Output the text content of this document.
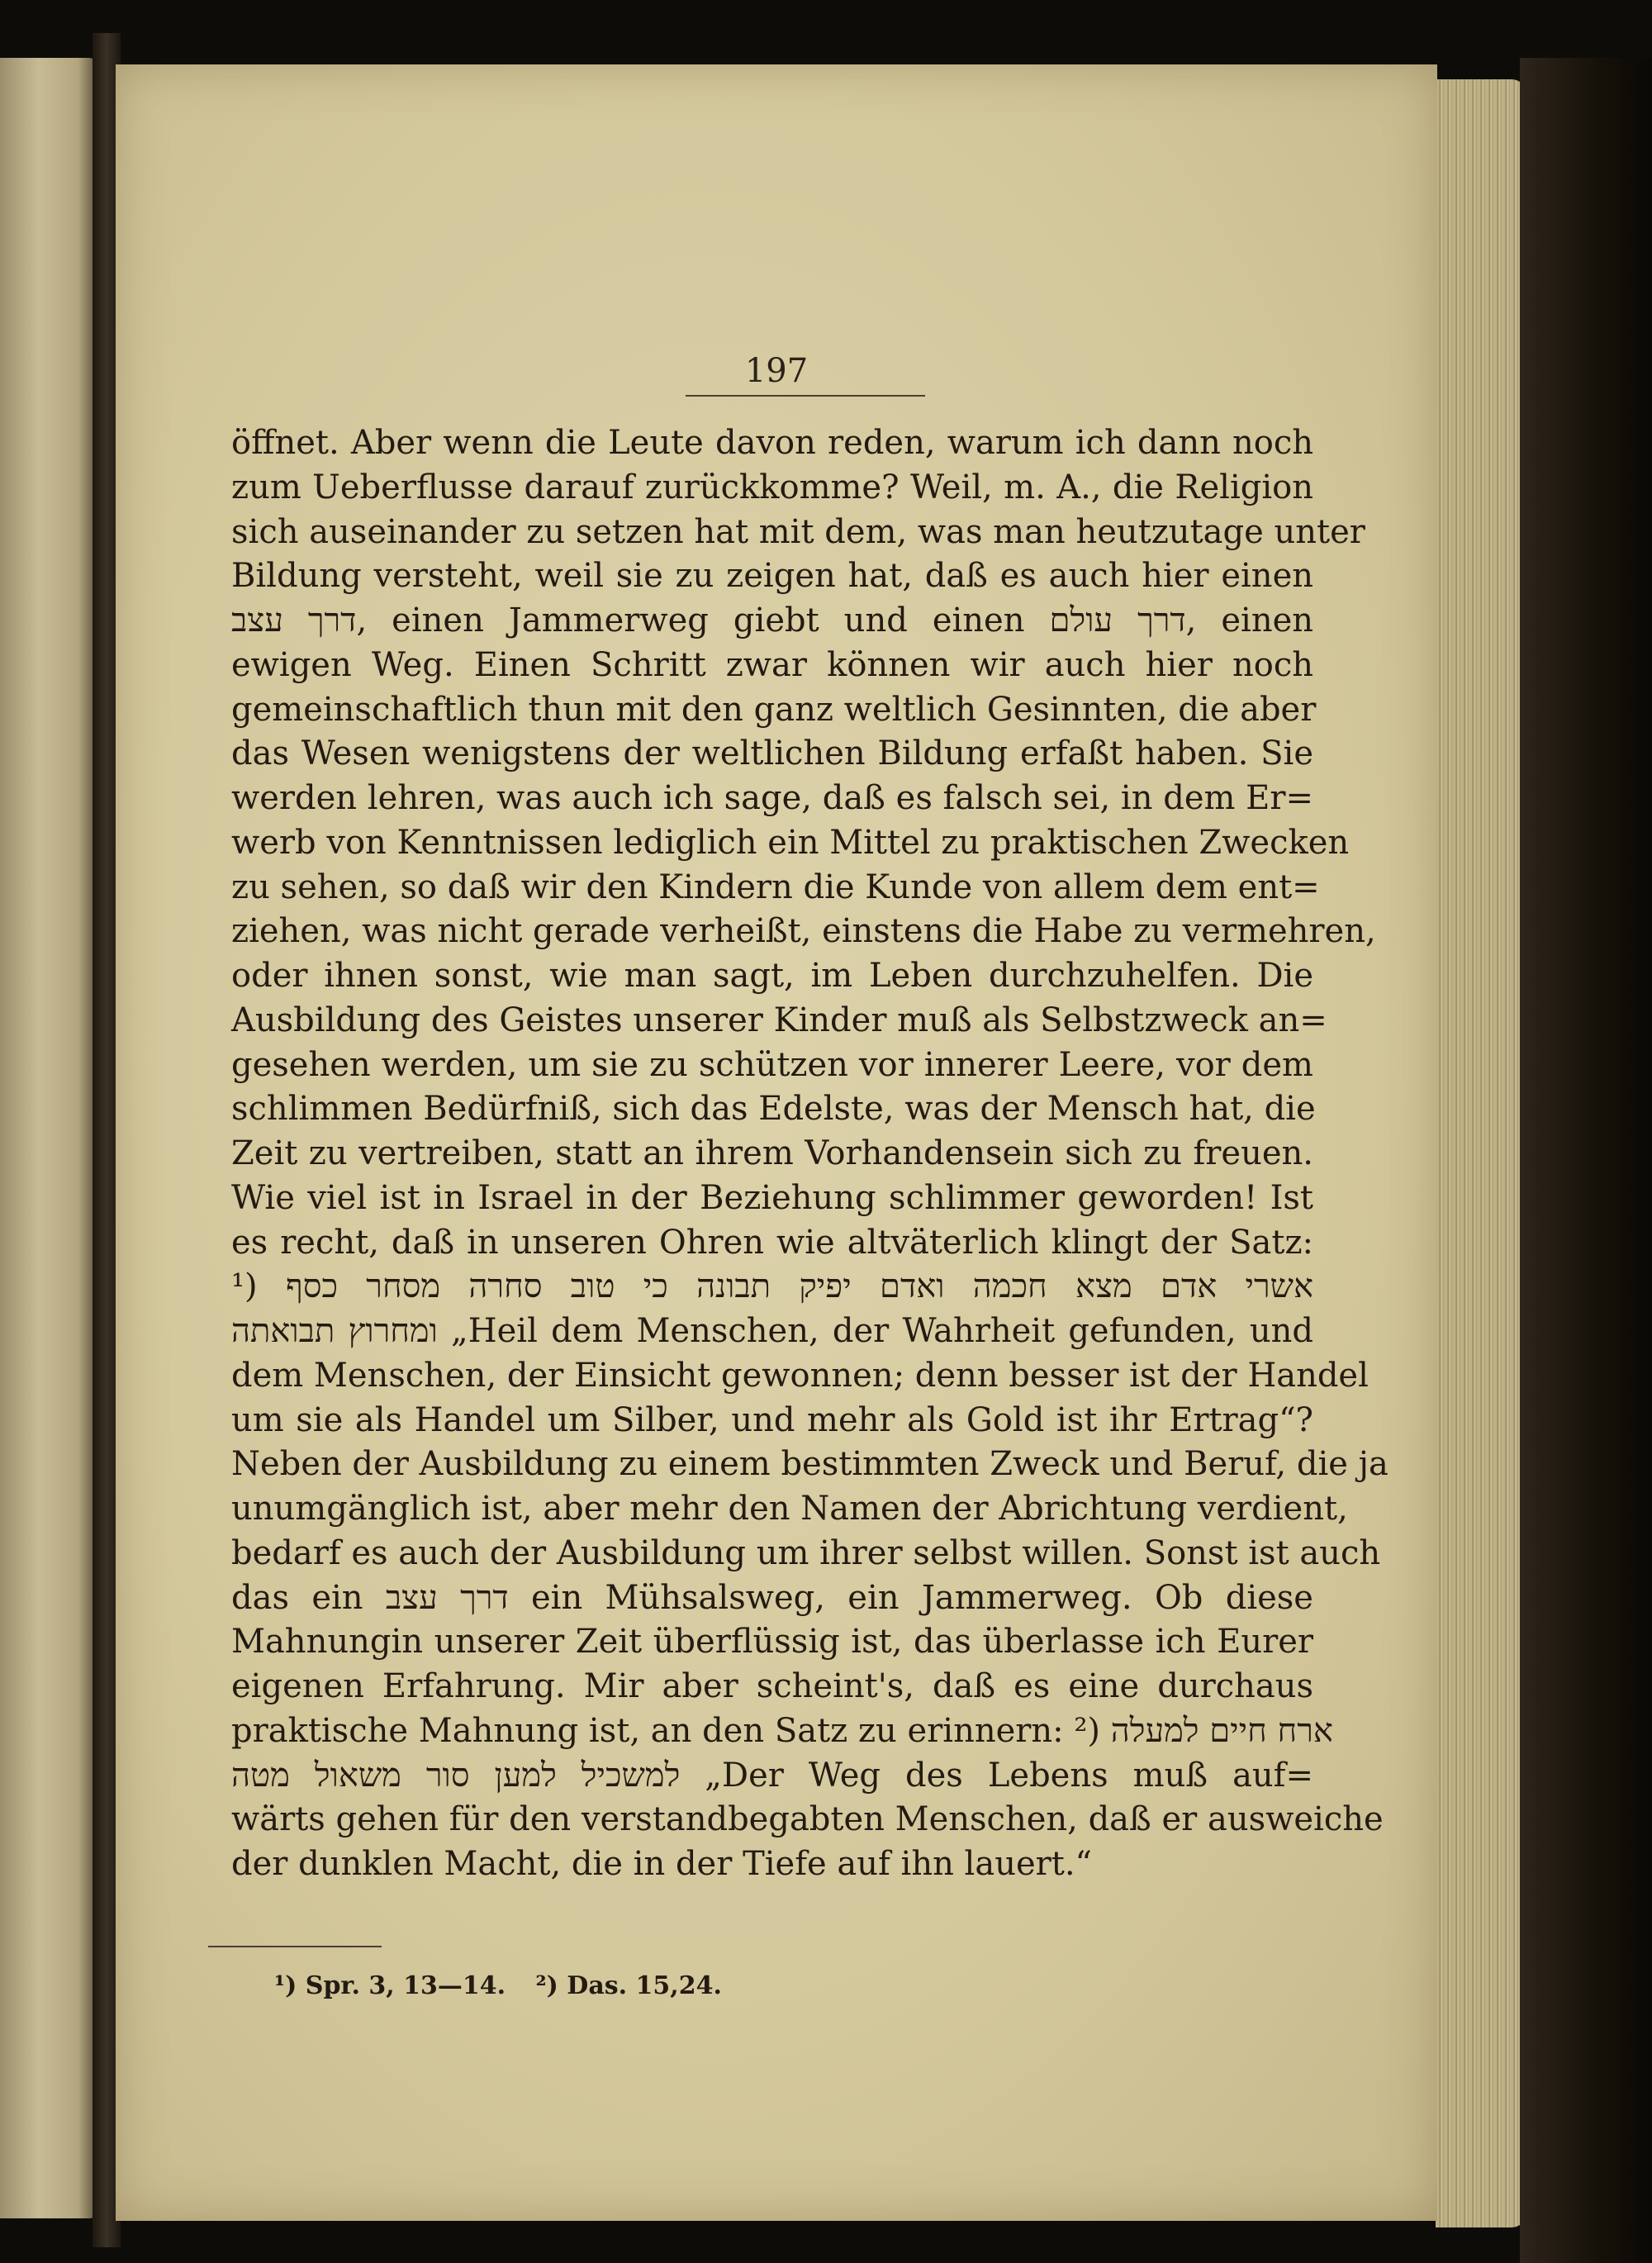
197
öffnet. Aber wenn die Leute davon reden, warum ich dann noch
zum Ueberflusse darauf zurückkomme? Weil, m. A., die Religion
sich auseinander zu setzen hat mit dem, was man heutzutage unter
Bildung versteht, weil sie zu zeigen hat, daß es auch hier einen
דרך עצב, einen Jammerweg giebt und einen דרך עולם, einen
ewigen Weg. Einen Schritt zwar können wir auch hier noch
gemeinschaftlich thun mit den ganz weltlich Gesinnten, die aber
das Wesen wenigstens der weltlichen Bildung erfaßt haben. Sie
werden lehren, was auch ich sage, daß es falsch sei, in dem Er=
werb von Kenntnissen lediglich ein Mittel zu praktischen Zwecken
zu sehen, so daß wir den Kindern die Kunde von allem dem ent=
ziehen, was nicht gerade verheißt, einstens die Habe zu vermehren,
oder ihnen sonst, wie man sagt, im Leben durchzuhelfen. Die
Ausbildung des Geistes unserer Kinder muß als Selbstzweck an=
gesehen werden, um sie zu schützen vor innerer Leere, vor dem
schlimmen Bedürfniß, sich das Edelste, was der Mensch hat, die
Zeit zu vertreiben, statt an ihrem Vorhandensein sich zu freuen.
Wie viel ist in Israel in der Beziehung schlimmer geworden! Ist
es recht, daß in unseren Ohren wie altväterlich klingt der Satz:
¹) אשרי אדם מצא חכמה ואדם יפיק תבונה כי טוב סחרה מסחר כסף
ומחרוץ תבואתה „Heil dem Menschen, der Wahrheit gefunden, und
dem Menschen, der Einsicht gewonnen; denn besser ist der Handel
um sie als Handel um Silber, und mehr als Gold ist ihr Ertrag“?
Neben der Ausbildung zu einem bestimmten Zweck und Beruf, die ja
unumgänglich ist, aber mehr den Namen der Abrichtung verdient,
bedarf es auch der Ausbildung um ihrer selbst willen. Sonst ist auch
das ein דרך עצב ein Mühsalsweg, ein Jammerweg. Ob diese
Mahnungin unserer Zeit überflüssig ist, das überlasse ich Eurer
eigenen Erfahrung. Mir aber scheint's, daß es eine durchaus
praktische Mahnung ist, an den Satz zu erinnern: ²) ארח חיים למעלה
למשכיל למען סור משאול מטה „Der Weg des Lebens muß auf=
wärts gehen für den verstandbegabten Menschen, daß er ausweiche
der dunklen Macht, die in der Tiefe auf ihn lauert.“
¹) Spr. 3, 13—14. ²) Das. 15,24.
